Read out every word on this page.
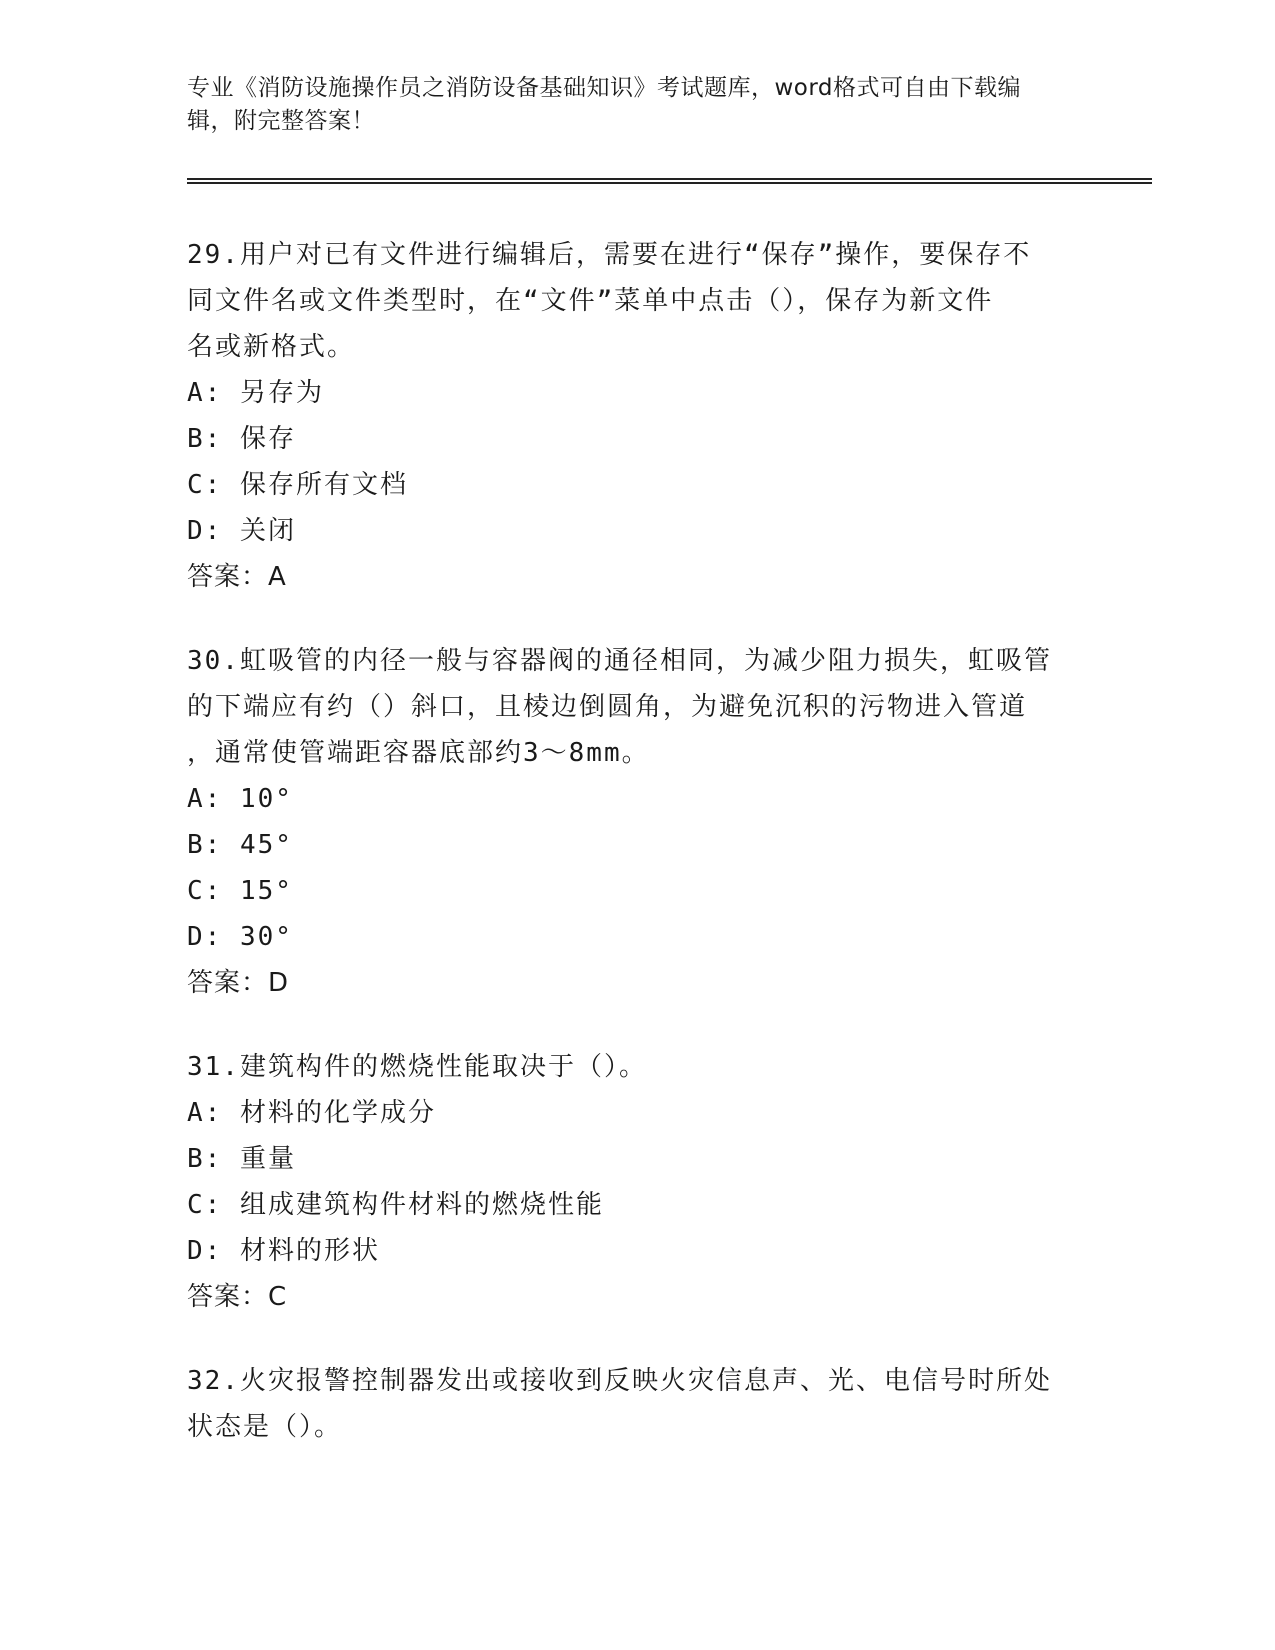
专业《消防设施操作员之消防设备基础知识》考试题库，word格式可自由下载编辑，附完整答案！

29.用户对已有文件进行编辑后，需要在进行“保存”操作，要保存不

同文件名或文件类型时，在“文件”菜单中点击（），保存为新文件

名或新格式。

A: 另存为

B: 保存

C: 保存所有文档

D: 关闭

答案：A

30.虹吸管的内径一般与容器阀的通径相同，为减少阻力损失，虹吸管

的下端应有约（）斜口，且棱边倒圆角，为避免沉积的污物进入管道

，通常使管端距容器底部约3～8mm。

A: 10°

B: 45°

C: 15°

D: 30°

答案：D

31.建筑构件的燃烧性能取决于（）。

A: 材料的化学成分

B: 重量

C: 组成建筑构件材料的燃烧性能

D: 材料的形状

答案：C

32.火灾报警控制器发出或接收到反映火灾信息声、光、电信号时所处

状态是（）。
